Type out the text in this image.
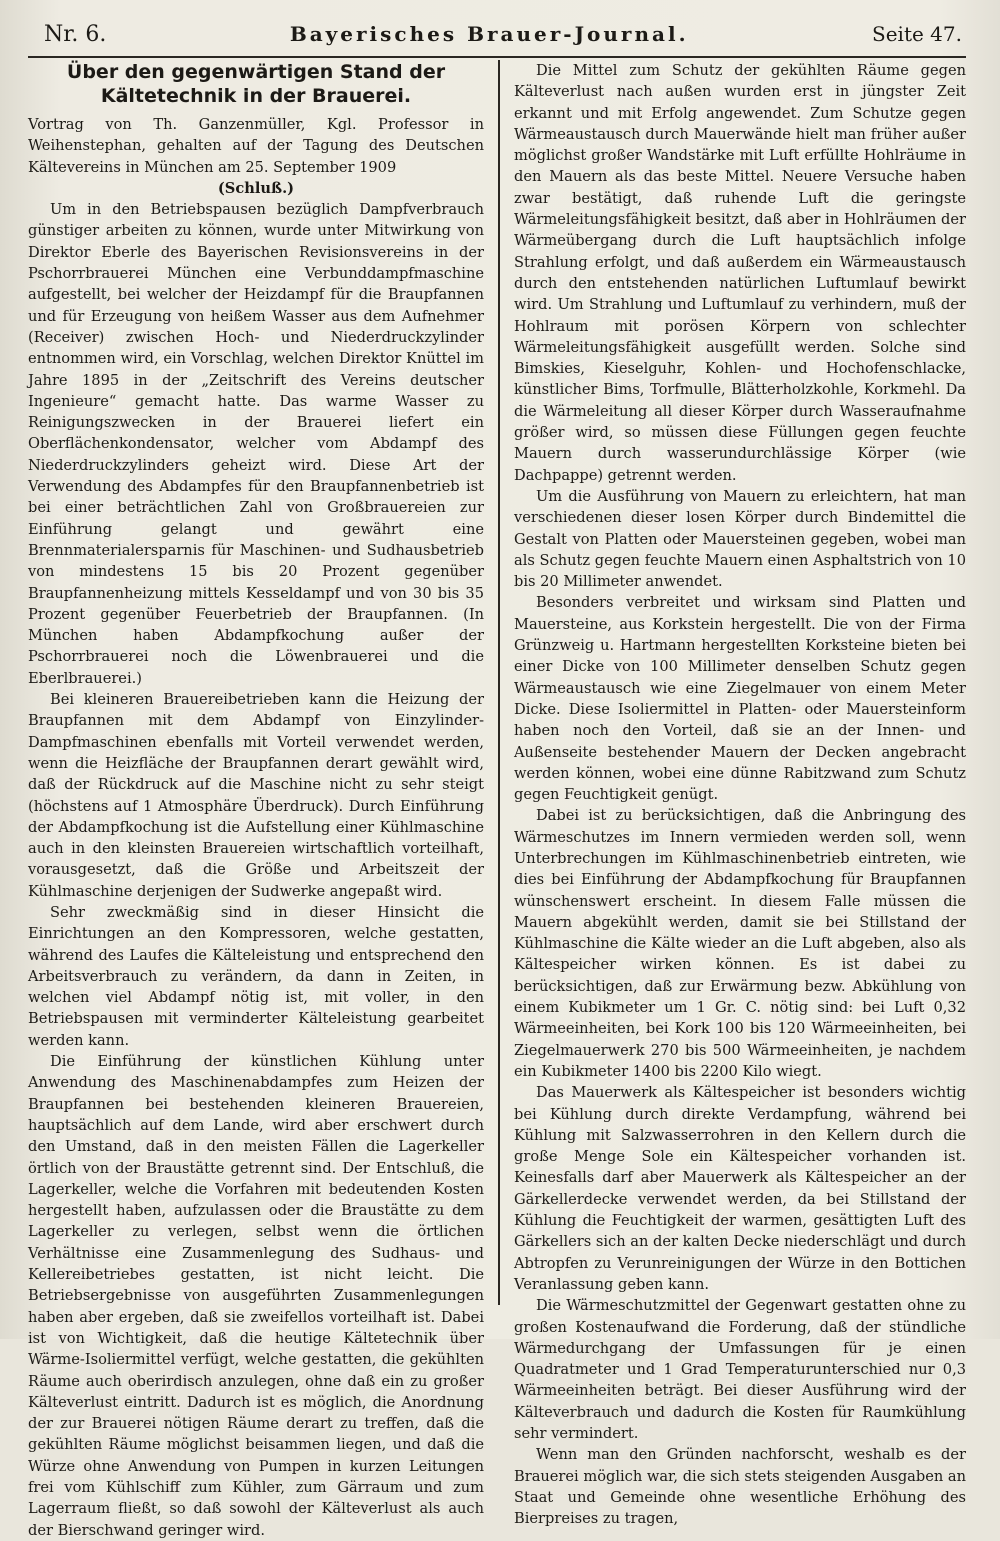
Nr. 6.	Bayerisches Brauer-Journal.	Seite 47.
Über den gegenwärtigen Stand der Kältetechnik in der Brauerei.

Vortrag von Th. Ganzenmüller, Kgl. Professor in Weihenstephan, gehalten auf der Tagung des Deutschen Kältevereins in München am 25. September 1909

(Schluß.)

Um in den Betriebspausen bezüglich Dampfverbrauch günstiger arbeiten zu können, wurde unter Mitwirkung von Direktor Eberle des Bayerischen Revisionsvereins in der Pschorrbrauerei München eine Verbunddampfmaschine aufgestellt, bei welcher der Heizdampf für die Braupfannen und für Erzeugung von heißem Wasser aus dem Aufnehmer (Receiver) zwischen Hoch- und Niederdruckzylinder entnommen wird, ein Vorschlag, welchen Direktor Knüttel im Jahre 1895 in der „Zeitschrift des Vereins deutscher Ingenieure“ gemacht hatte. Das warme Wasser zu Reinigungszwecken in der Brauerei liefert ein Oberflächenkondensator, welcher vom Abdampf des Niederdruckzylinders geheizt wird. Diese Art der Verwendung des Abdampfes für den Braupfannenbetrieb ist bei einer beträchtlichen Zahl von Großbrauereien zur Einführung gelangt und gewährt eine Brennmaterialersparnis für Maschinen- und Sudhausbetrieb von mindestens 15 bis 20 Prozent gegenüber Braupfannenheizung mittels Kesseldampf und von 30 bis 35 Prozent gegenüber Feuerbetrieb der Braupfannen. (In München haben Abdampfkochung außer der Pschorrbrauerei noch die Löwenbrauerei und die Eberlbrauerei.)

Bei kleineren Brauereibetrieben kann die Heizung der Braupfannen mit dem Abdampf von Einzylinder-Dampfmaschinen ebenfalls mit Vorteil verwendet werden, wenn die Heizfläche der Braupfannen derart gewählt wird, daß der Rückdruck auf die Maschine nicht zu sehr steigt (höchstens auf 1 Atmosphäre Überdruck). Durch Einführung der Abdampfkochung ist die Aufstellung einer Kühlmaschine auch in den kleinsten Brauereien wirtschaftlich vorteilhaft, vorausgesetzt, daß die Größe und Arbeitszeit der Kühlmaschine derjenigen der Sudwerke angepaßt wird.

Sehr zweckmäßig sind in dieser Hinsicht die Einrichtungen an den Kompressoren, welche gestatten, während des Laufes die Kälteleistung und entsprechend den Arbeitsverbrauch zu verändern, da dann in Zeiten, in welchen viel Abdampf nötig ist, mit voller, in den Betriebspausen mit verminderter Kälteleistung gearbeitet werden kann.

Die Einführung der künstlichen Kühlung unter Anwendung des Maschinenabdampfes zum Heizen der Braupfannen bei bestehenden kleineren Brauereien, hauptsächlich auf dem Lande, wird aber erschwert durch den Umstand, daß in den meisten Fällen die Lagerkeller örtlich von der Braustätte getrennt sind. Der Entschluß, die Lagerkeller, welche die Vorfahren mit bedeutenden Kosten hergestellt haben, aufzulassen oder die Braustätte zu dem Lagerkeller zu verlegen, selbst wenn die örtlichen Verhältnisse eine Zusammenlegung des Sudhaus- und Kellereibetriebes gestatten, ist nicht leicht. Die Betriebsergebnisse von ausgeführten Zusammenlegungen haben aber ergeben, daß sie zweifellos vorteilhaft ist. Dabei ist von Wichtigkeit, daß die heutige Kältetechnik über Wärme-Isoliermittel verfügt, welche gestatten, die gekühlten Räume auch oberirdisch anzulegen, ohne daß ein zu großer Kälteverlust eintritt. Dadurch ist es möglich, die Anordnung der zur Brauerei nötigen Räume derart zu treffen, daß die gekühlten Räume möglichst beisammen liegen, und daß die Würze ohne Anwendung von Pumpen in kurzen Leitungen frei vom Kühlschiff zum Kühler, zum Gärraum und zum Lagerraum fließt, so daß sowohl der Kälteverlust als auch der Bierschwand geringer wird.

Die Mittel zum Schutz der gekühlten Räume gegen Kälteverlust nach außen wurden erst in jüngster Zeit erkannt und mit Erfolg angewendet. Zum Schutze gegen Wärmeaustausch durch Mauerwände hielt man früher außer möglichst großer Wandstärke mit Luft erfüllte Hohlräume in den Mauern als das beste Mittel. Neuere Versuche haben zwar bestätigt, daß ruhende Luft die geringste Wärmeleitungsfähigkeit besitzt, daß aber in Hohlräumen der Wärmeübergang durch die Luft hauptsächlich infolge Strahlung erfolgt, und daß außerdem ein Wärmeaustausch durch den entstehenden natürlichen Luftumlauf bewirkt wird. Um Strahlung und Luftumlauf zu verhindern, muß der Hohlraum mit porösen Körpern von schlechter Wärmeleitungsfähigkeit ausgefüllt werden. Solche sind Bimskies, Kieselguhr, Kohlen- und Hochofenschlacke, künstlicher Bims, Torfmulle, Blätterholzkohle, Korkmehl. Da die Wärmeleitung all dieser Körper durch Wasseraufnahme größer wird, so müssen diese Füllungen gegen feuchte Mauern durch wasserundurchlässige Körper (wie Dachpappe) getrennt werden.

Um die Ausführung von Mauern zu erleichtern, hat man verschiedenen dieser losen Körper durch Bindemittel die Gestalt von Platten oder Mauersteinen gegeben, wobei man als Schutz gegen feuchte Mauern einen Asphaltstrich von 10 bis 20 Millimeter anwendet.

Besonders verbreitet und wirksam sind Platten und Mauersteine, aus Korkstein hergestellt. Die von der Firma Grünzweig u. Hartmann hergestellten Korksteine bieten bei einer Dicke von 100 Millimeter denselben Schutz gegen Wärmeaustausch wie eine Ziegelmauer von einem Meter Dicke. Diese Isoliermittel in Platten- oder Mauersteinform haben noch den Vorteil, daß sie an der Innen- und Außenseite bestehender Mauern der Decken angebracht werden können, wobei eine dünne Rabitzwand zum Schutz gegen Feuchtigkeit genügt.

Dabei ist zu berücksichtigen, daß die Anbringung des Wärmeschutzes im Innern vermieden werden soll, wenn Unterbrechungen im Kühlmaschinenbetrieb eintreten, wie dies bei Einführung der Abdampfkochung für Braupfannen wünschenswert erscheint. In diesem Falle müssen die Mauern abgekühlt werden, damit sie bei Stillstand der Kühlmaschine die Kälte wieder an die Luft abgeben, also als Kältespeicher wirken können. Es ist dabei zu berücksichtigen, daß zur Erwärmung bezw. Abkühlung von einem Kubikmeter um 1 Gr. C. nötig sind: bei Luft 0,32 Wärmeeinheiten, bei Kork 100 bis 120 Wärmeeinheiten, bei Ziegelmauerwerk 270 bis 500 Wärmeeinheiten, je nachdem ein Kubikmeter 1400 bis 2200 Kilo wiegt.

Das Mauerwerk als Kältespeicher ist besonders wichtig bei Kühlung durch direkte Verdampfung, während bei Kühlung mit Salzwasserrohren in den Kellern durch die große Menge Sole ein Kältespeicher vorhanden ist. Keinesfalls darf aber Mauerwerk als Kältespeicher an der Gärkellerdecke verwendet werden, da bei Stillstand der Kühlung die Feuchtigkeit der warmen, gesättigten Luft des Gärkellers sich an der kalten Decke niederschlägt und durch Abtropfen zu Verunreinigungen der Würze in den Bottichen Veranlassung geben kann.

Die Wärmeschutzmittel der Gegenwart gestatten ohne zu großen Kostenaufwand die Forderung, daß der stündliche Wärmedurchgang der Umfassungen für je einen Quadratmeter und 1 Grad Temperaturunterschied nur 0,3 Wärmeeinheiten beträgt. Bei dieser Ausführung wird der Kälteverbrauch und dadurch die Kosten für Raumkühlung sehr vermindert.

Wenn man den Gründen nachforscht, weshalb es der Brauerei möglich war, die sich stets steigenden Ausgaben an Staat und Gemeinde ohne wesentliche Erhöhung des Bierpreises zu tragen,
